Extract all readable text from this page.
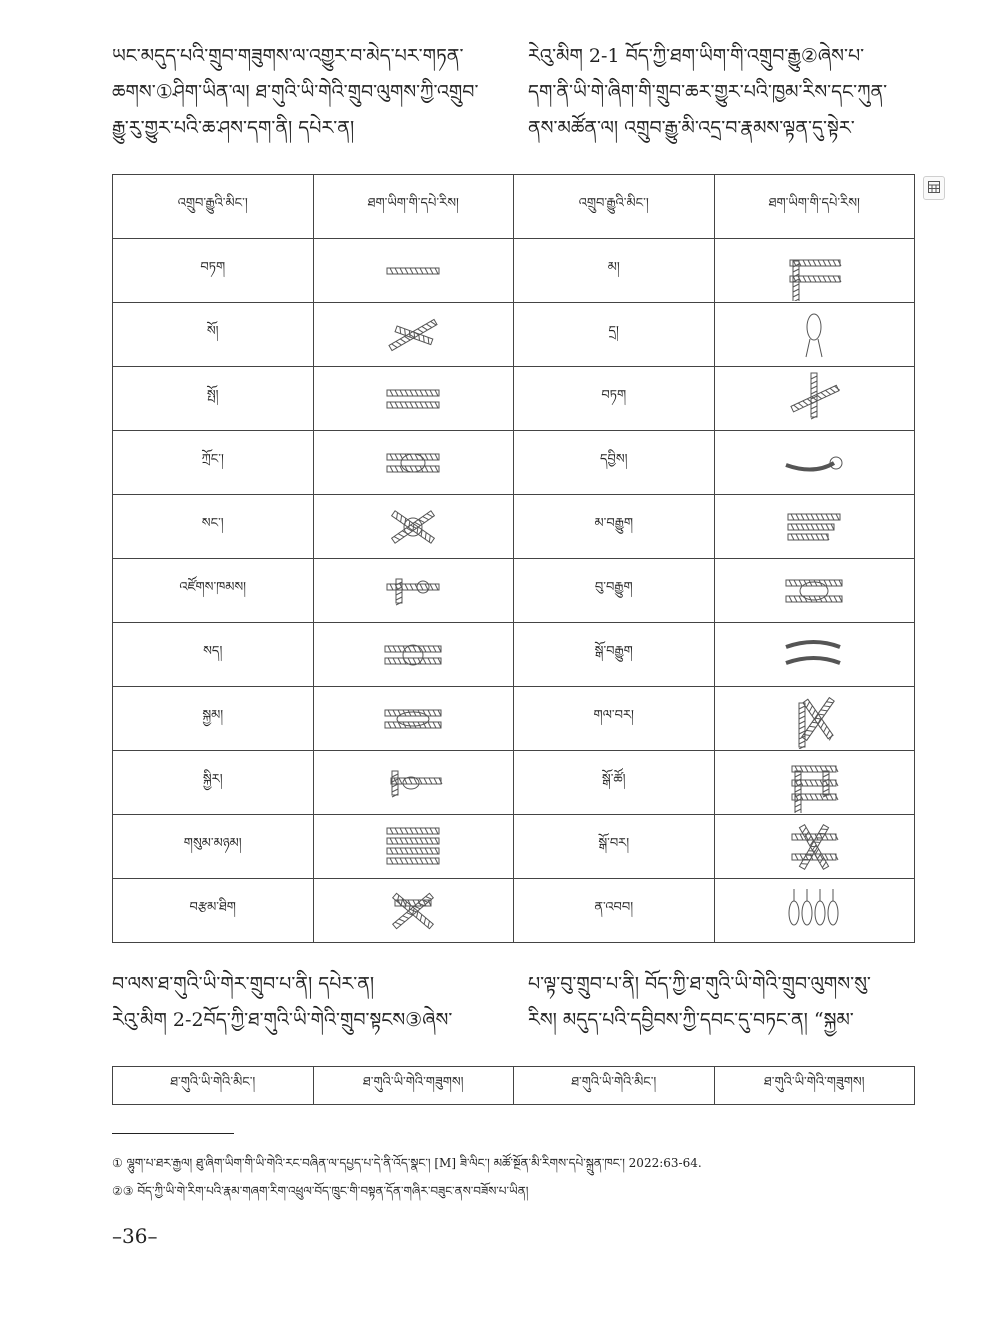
ཡང་མདུད་པའི་གྲུབ་གཟུགས་ལ་འགྱུར་བ་མེད་པར་གཏན་
ཆགས་①ཤིག་ཡིན་ལ། ཐ་གུའི་ཡི་གེའི་གྲུབ་ལུགས་ཀྱི་འགྲུབ་
རྒྱུ་རུ་གྱུར་པའི་ཆ་ཤས་དག་ནི། དཔེར་ན།
རེའུ་མིག 2-1 བོད་ཀྱི་ཐག་ཡིག་གི་འགྲུབ་རྒྱུ②ཞེས་པ་
དག་ནི་ཡི་གེ་ཞིག་གི་གྲུབ་ཆར་གྱུར་པའི་ཁྱམ་རིས་དང་ཀུན་
ནས་མཚོན་ལ། འགྲུབ་རྒྱུ་མི་འདྲ་བ་རྣམས་ལྟན་དུ་སྟེར་
འགྲུབ་རྒྱུའི་མིང་།	ཐག་ཡིག་གི་དཔེ་རིས།	འགྲུབ་རྒྱུའི་མིང་།	ཐག་ཡིག་གི་དཔེ་རིས།
བཏག		མ།	

སོ།		དྲ།	

སྤོ།		བཏག	

ཀྲོང་།		དབྱིས།	

སང་།		མ་བརྒྱུག	

འཛོགས་ཁམས།		བུ་བརྒྱུག	

སད།		སྒོ་བརྒྱུག	

སྐྱམ།		གལ་བར།	

སྐྱིར།		སྒོ་ཚོ།	

གསུམ་མཉམ།		སྒོ་བར།	

བརྩམ་ཐིག		ན་འབབ།	
བ་ལས་ཐ་གུའི་ཡི་གེར་གྲུབ་པ་ནི། དཔེར་ན།
རེའུ་མིག 2-2བོད་ཀྱི་ཐ་གུའི་ཡི་གེའི་གྲུབ་སྟངས③ཞེས་
པ་ལྟ་བུ་གྲུབ་པ་ནི། བོད་ཀྱི་ཐ་གུའི་ཡི་གེའི་གྲུབ་ལུགས་སུ་
རིས། མདུད་པའི་དབྱིབས་ཀྱི་དབང་དུ་བཏང་ན། “སྐྱམ་
ཐ་གུའི་ཡི་གེའི་མིང་།	ཐ་གུའི་ཡི་གེའི་གཟུགས།	ཐ་གུའི་ཡི་གེའི་མིང་།	ཐ་གུའི་ཡི་གེའི་གཟུགས།
① ལྷུག་པ་ཐར་རྒྱལ། ཐུ་ཞིག་ཡིག་གི་ཡི་གེའི་རང་བཞིན་ལ་དཔྱད་པ་དེ་ནི་འོད་སྣང་། [M] ཟི་ལིང་། མཚོ་སྔོན་མི་རིགས་དཔེ་སྐྲུན་ཁང་། 2022:63-64.
②③ བོད་ཀྱི་ཡི་གེ་རིག་པའི་རྣམ་གཞག་རིག་འཕྲུལ་བོད་ཁྲུང་གི་བསྟན་དོན་གཞིར་བཟུང་ནས་བཟོས་པ་ཡིན།
–36–
